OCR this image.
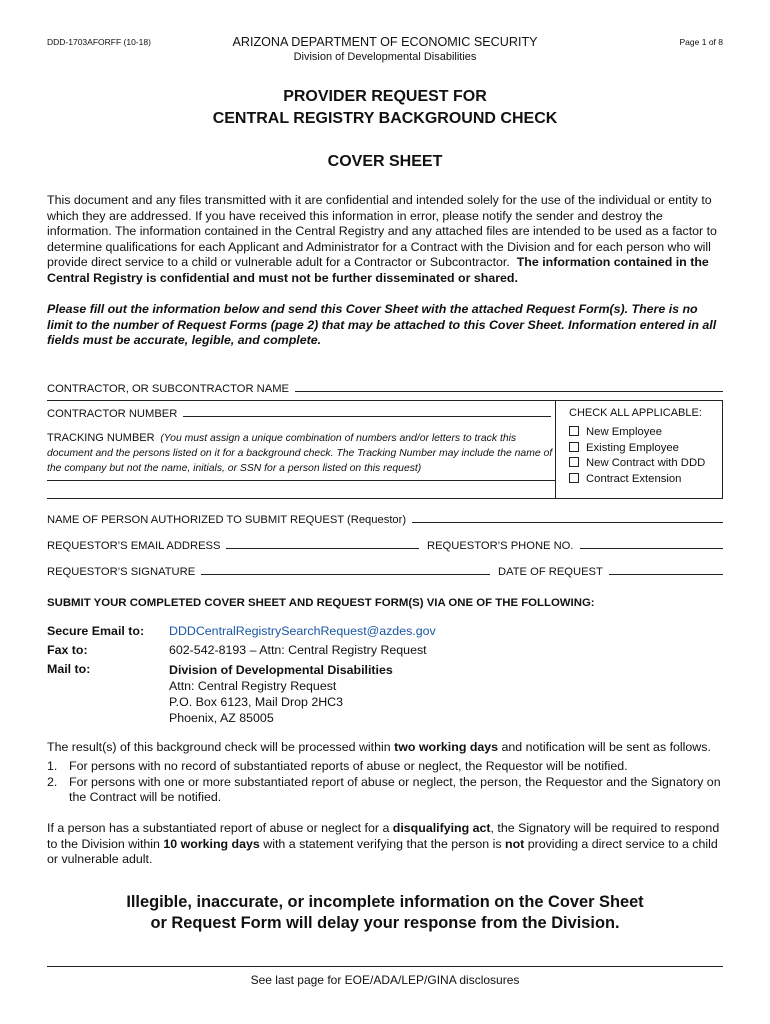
DDD-1703AFORFF (10-18)	ARIZONA DEPARTMENT OF ECONOMIC SECURITY
Division of Developmental Disabilities
Page 1 of 8
PROVIDER REQUEST FOR
CENTRAL REGISTRY BACKGROUND CHECK
COVER SHEET
This document and any files transmitted with it are confidential and intended solely for the use of the individual or entity to which they are addressed. If you have received this information in error, please notify the sender and destroy the information. The information contained in the Central Registry and any attached files are intended to be used as a factor to determine qualifications for each Applicant and Administrator for a Contract with the Division and for each person who will provide direct service to a child or vulnerable adult for a Contractor or Subcontractor. The information contained in the Central Registry is confidential and must not be further disseminated or shared.
Please fill out the information below and send this Cover Sheet with the attached Request Form(s). There is no limit to the number of Request Forms (page 2) that may be attached to this Cover Sheet. Information entered in all fields must be accurate, legible, and complete.
CONTRACTOR, OR SUBCONTRACTOR NAME
CONTRACTOR NUMBER
TRACKING NUMBER (You must assign a unique combination of numbers and/or letters to track this document and the persons listed on it for a background check. The Tracking Number may include the name of the company but not the name, initials, or SSN for a person listed on this request)
CHECK ALL APPLICABLE:
New Employee
Existing Employee
New Contract with DDD
Contract Extension
NAME OF PERSON AUTHORIZED TO SUBMIT REQUEST (Requestor)
REQUESTOR’S EMAIL ADDRESS	REQUESTOR’S PHONE NO.
REQUESTOR’S SIGNATURE	DATE OF REQUEST
SUBMIT YOUR COMPLETED COVER SHEET AND REQUEST FORM(S) VIA ONE OF THE FOLLOWING:
Secure Email to: DDDCentralRegistrySearchRequest@azdes.gov
Fax to:	602-542-8193 – Attn: Central Registry Request
Mail to:	Division of Developmental Disabilities
Attn: Central Registry Request
P.O. Box 6123, Mail Drop 2HC3
Phoenix, AZ 85005
The result(s) of this background check will be processed within two working days and notification will be sent as follows.
1. For persons with no record of substantiated reports of abuse or neglect, the Requestor will be notified.
2. For persons with one or more substantiated report of abuse or neglect, the person, the Requestor and the Signatory on the Contract will be notified.
If a person has a substantiated report of abuse or neglect for a disqualifying act, the Signatory will be required to respond to the Division within 10 working days with a statement verifying that the person is not providing a direct service to a child or vulnerable adult.
Illegible, inaccurate, or incomplete information on the Cover Sheet
or Request Form will delay your response from the Division.
See last page for EOE/ADA/LEP/GINA disclosures
